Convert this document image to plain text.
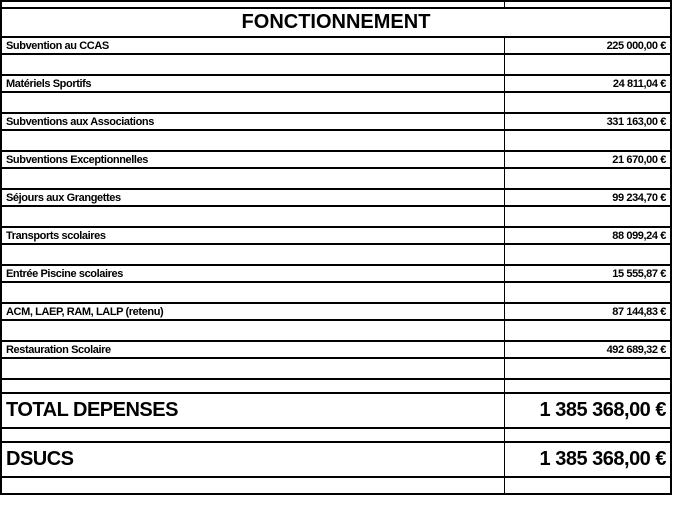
FONCTIONNEMENT	
Subvention au CCAS	225 000,00 €

Matériels Sportifs	24 811,04 €

Subventions aux Associations	331 163,00 €

Subventions Exceptionnelles	21 670,00 €

Séjours aux Grangettes	99 234,70 €

Transports scolaires	88 099,24 €

Entrée Piscine scolaires	15 555,87 €

ACM, LAEP, RAM, LALP (retenu)	87 144,83 €

Restauration Scolaire	492 689,32 €

TOTAL DEPENSES	1 385 368,00 €

DSUCS	1 385 368,00 €
